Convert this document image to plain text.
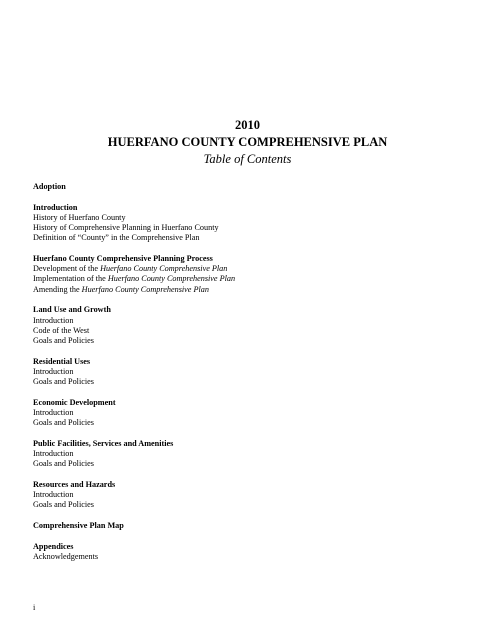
2010
HUERFANO COUNTY COMPREHENSIVE PLAN
Table of Contents
Adoption
Introduction
History of Huerfano County
History of Comprehensive Planning in Huerfano County
Definition of “County” in the Comprehensive Plan
Huerfano County Comprehensive Planning Process
Development of the Huerfano County Comprehensive Plan
Implementation of the Huerfano County Comprehensive Plan
Amending the Huerfano County Comprehensive Plan
Land Use and Growth
Introduction
Code of the West
Goals and Policies
Residential Uses
Introduction
Goals and Policies
Economic Development
Introduction
Goals and Policies
Public Facilities, Services and Amenities
Introduction
Goals and Policies
Resources and Hazards
Introduction
Goals and Policies
Comprehensive Plan Map
Appendices
Acknowledgements
i
